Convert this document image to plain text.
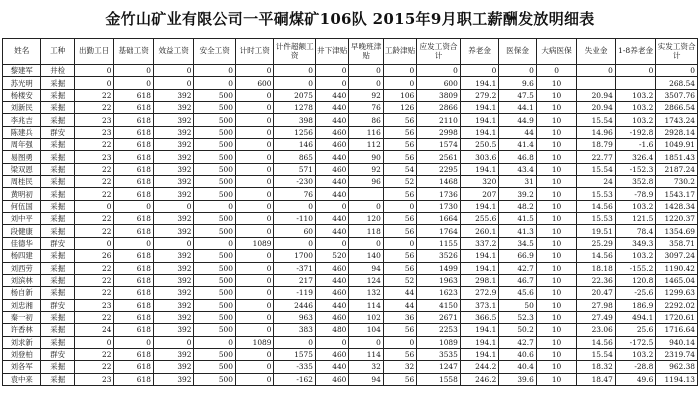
金竹山矿业有限公司一平硐煤矿106队 2015年9月职工薪酬发放明细表
姓名	工种	出勤工日	基础工资	效益工资	安全工资	计时工资	计件超额工资	井下津贴	早晚班津贴	工龄津贴	应发工资合计	养老金	医保金	大病医保	失业金	1-8养老金	实发工资合计
黎建军	井检	0	0	0	0	0	0	0	0	0	0	0	0	0	0	0	0
苏光明	采掘	0	0	0	0	600	0	0	0	0	600	194.1	9.6	10			268.54
杨楼安	采掘	22	618	392	500	0	2075	440	92	106	3809	279.2	47.5	10	20.94	103.2	3507.76
刘新民	采掘	22	618	392	500	0	1278	440	76	126	2866	194.1	44.1	10	20.94	103.2	2866.54
李兆吉	采掘	23	618	392	500	0	398	440	86	56	2110	194.1	44.9	10	15.54	103.2	1743.24
陈建兵	群安	23	618	392	500	0	1256	460	116	56	2998	194.1	44	10	14.96	-192.8	2928.14
周年强	采掘	22	618	392	500	0	146	460	112	56	1574	250.5	41.4	10	18.79	-1.6	1049.91
易图勇	采掘	23	618	392	500	0	865	440	90	56	2561	303.6	46.8	10	22.77	326.4	1851.43
梁双恩	采掘	22	618	392	500	0	571	460	92	54	2295	194.1	43.4	10	15.54	-152.3	2187.24
周桂民	采掘	22	618	392	500	0	-230	440	96	52	1468	320	31	10	24	352.8	730.2
黄明初	采掘	22	618	392	500	0	76	440		56	1736	207	39.2	10	15.53	-78.9	1543.17
何伍国	采掘	0	0	0	0	0	0	0	0	0	1730	194.1	48.2	10	14.56	103.2	1428.34
刘中平	采掘	22	618	392	500	0	-110	440	120	56	1664	255.6	41.5	10	15.53	121.5	1220.37
段健康	采掘	22	618	392	500	0	60	440	118	56	1764	260.1	41.3	10	19.51	78.4	1354.69
佳德华	群安	0	0	0	0	1089	0	0	0	0	1155	337.2	34.5	10	25.29	349.3	358.71
杨四建	采掘	26	618	392	500	0	1700	520	140	56	3526	194.1	66.9	10	14.56	103.2	3097.24
刘西劳	采掘	22	618	392	500	0	-371	460	94	56	1499	194.1	42.7	10	18.18	-155.2	1190.42
刘滨林	采掘	22	618	392	500	0	217	440	124	52	1963	298.1	46.7	10	22.36	120.8	1465.04
杨自新	采掘	22	618	392	500	0	-119	460	132	44	1623	272.9	45.6	10	20.47	-25.6	1299.63
刘忠湘	群安	23	618	392	500	0	2446	440	114	44	4150	373.1	50	10	27.98	186.9	2292.02
秦一初	采掘	22	618	392	500	0	963	460	102	36	2671	366.5	52.3	10	27.49	494.1	1720.61
许香林	采掘	24	618	392	500	0	383	480	104	56	2253	194.1	50.2	10	23.06	25.6	1716.64
刘求新	采掘	0	0	0	0	1089	0	0	0	0	1089	194.1	42.7	10	14.56	-172.5	940.14
刘登柏	群安	22	618	392	500	0	1575	460	114	56	3535	194.1	40.6	10	15.54	103.2	2319.74
刘各军	采掘	22	618	392	500	0	-335	440	32	32	1247	244.2	40.4	10	18.32	-28.8	962.38
袁中来	采掘	23	618	392	500	0	-162	460	94	56	1558	246.2	39.6	10	18.47	49.6	1194.13
